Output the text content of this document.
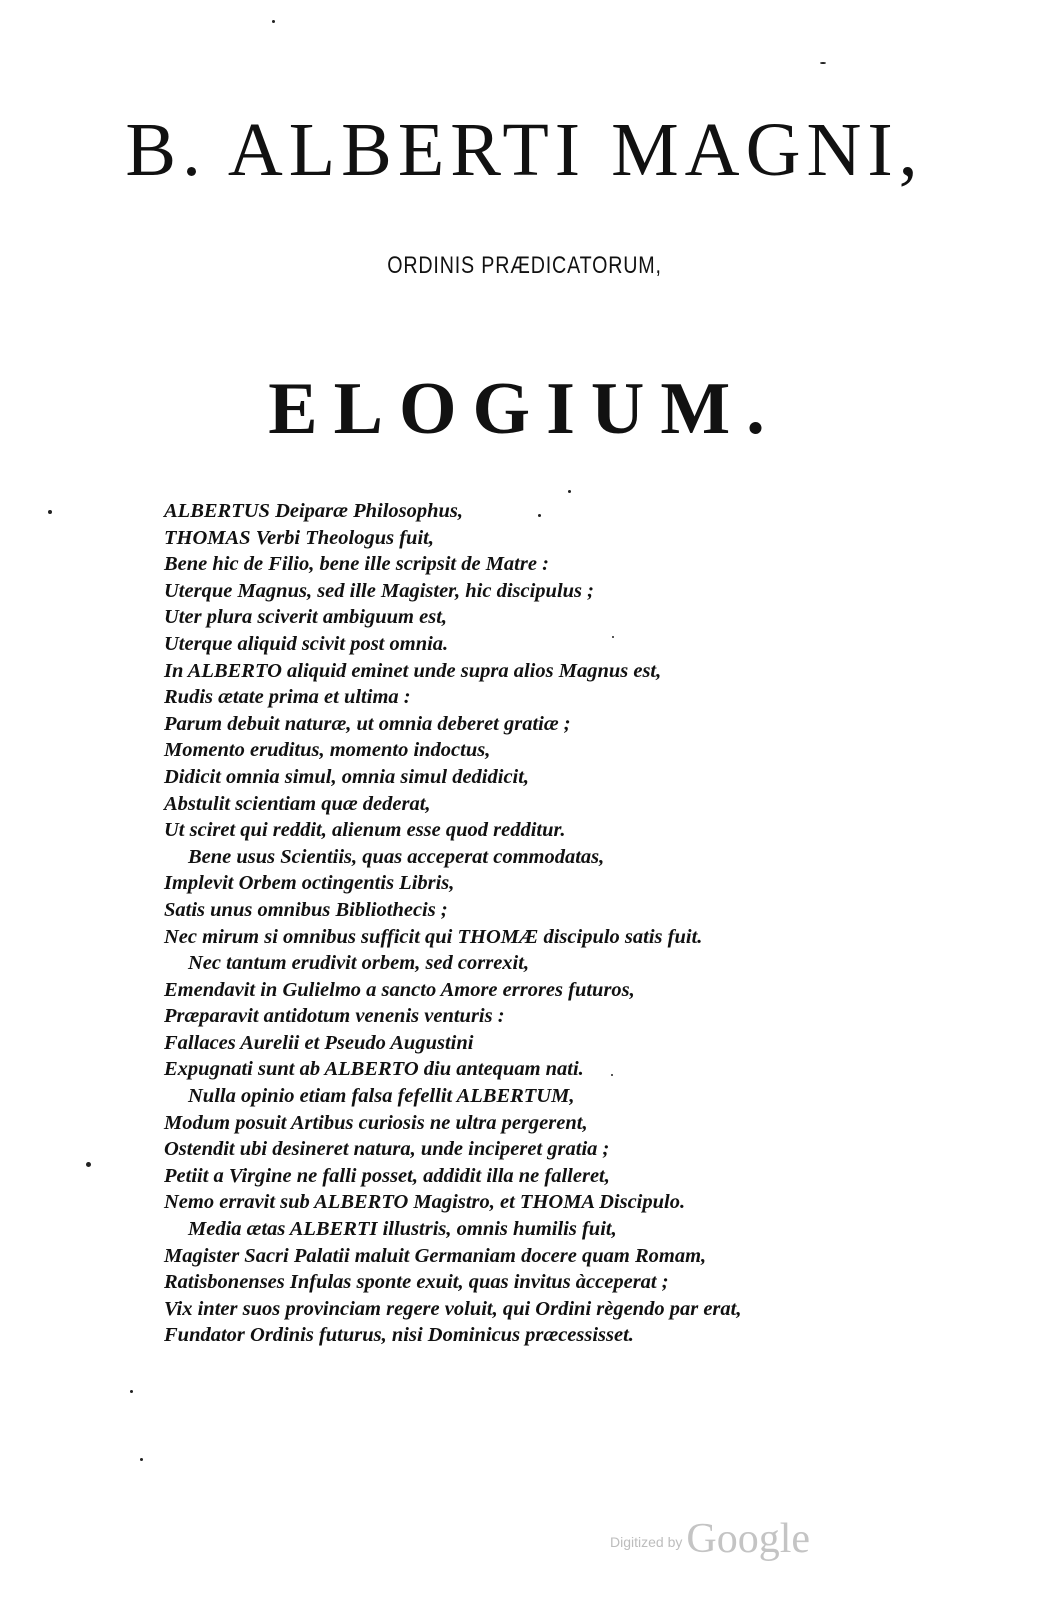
B. ALBERTI MAGNI,
ORDINIS PRÆDICATORUM,
ELOGIUM.
ALBERTUS Deiparæ Philosophus,
THOMAS Verbi Theologus fuit,
Bene hic de Filio, bene ille scripsit de Matre :
Uterque Magnus, sed ille Magister, hic discipulus ;
Uter plura sciverit ambiguum est,
Uterque aliquid scivit post omnia.
In ALBERTO aliquid eminet unde supra alios Magnus est,
Rudis ætate prima et ultima :
Parum debuit naturæ, ut omnia deberet gratiæ ;
Momento eruditus, momento indoctus,
Didicit omnia simul, omnia simul dedidicit,
Abstulit scientiam quæ dederat,
Ut sciret qui reddit, alienum esse quod redditur.
Bene usus Scientiis, quas acceperat commodatas,
Implevit Orbem octingentis Libris,
Satis unus omnibus Bibliothecis ;
Nec mirum si omnibus sufficit qui THOMÆ discipulo satis fuit.
Nec tantum erudivit orbem, sed correxit,
Emendavit in Gulielmo a sancto Amore errores futuros,
Præparavit antidotum venenis venturis :
Fallaces Aurelii et Pseudo Augustini
Expugnati sunt ab ALBERTO diu antequam nati.
Nulla opinio etiam falsa fefellit ALBERTUM,
Modum posuit Artibus curiosis ne ultra pergerent,
Ostendit ubi desineret natura, unde inciperet gratia ;
Petiit a Virgine ne falli posset, addidit illa ne falleret,
Nemo erravit sub ALBERTO Magistro, et THOMA Discipulo.
Media ætas ALBERTI illustris, omnis humilis fuit,
Magister Sacri Palatii maluit Germaniam docere quam Romam,
Ratisbonenses Infulas sponte exuit, quas invitus àcceperat ;
Vix inter suos provinciam regere voluit, qui Ordini règendo par erat,
Fundator Ordinis futurus, nisi Dominicus præcessisset.
Digitized by Google
